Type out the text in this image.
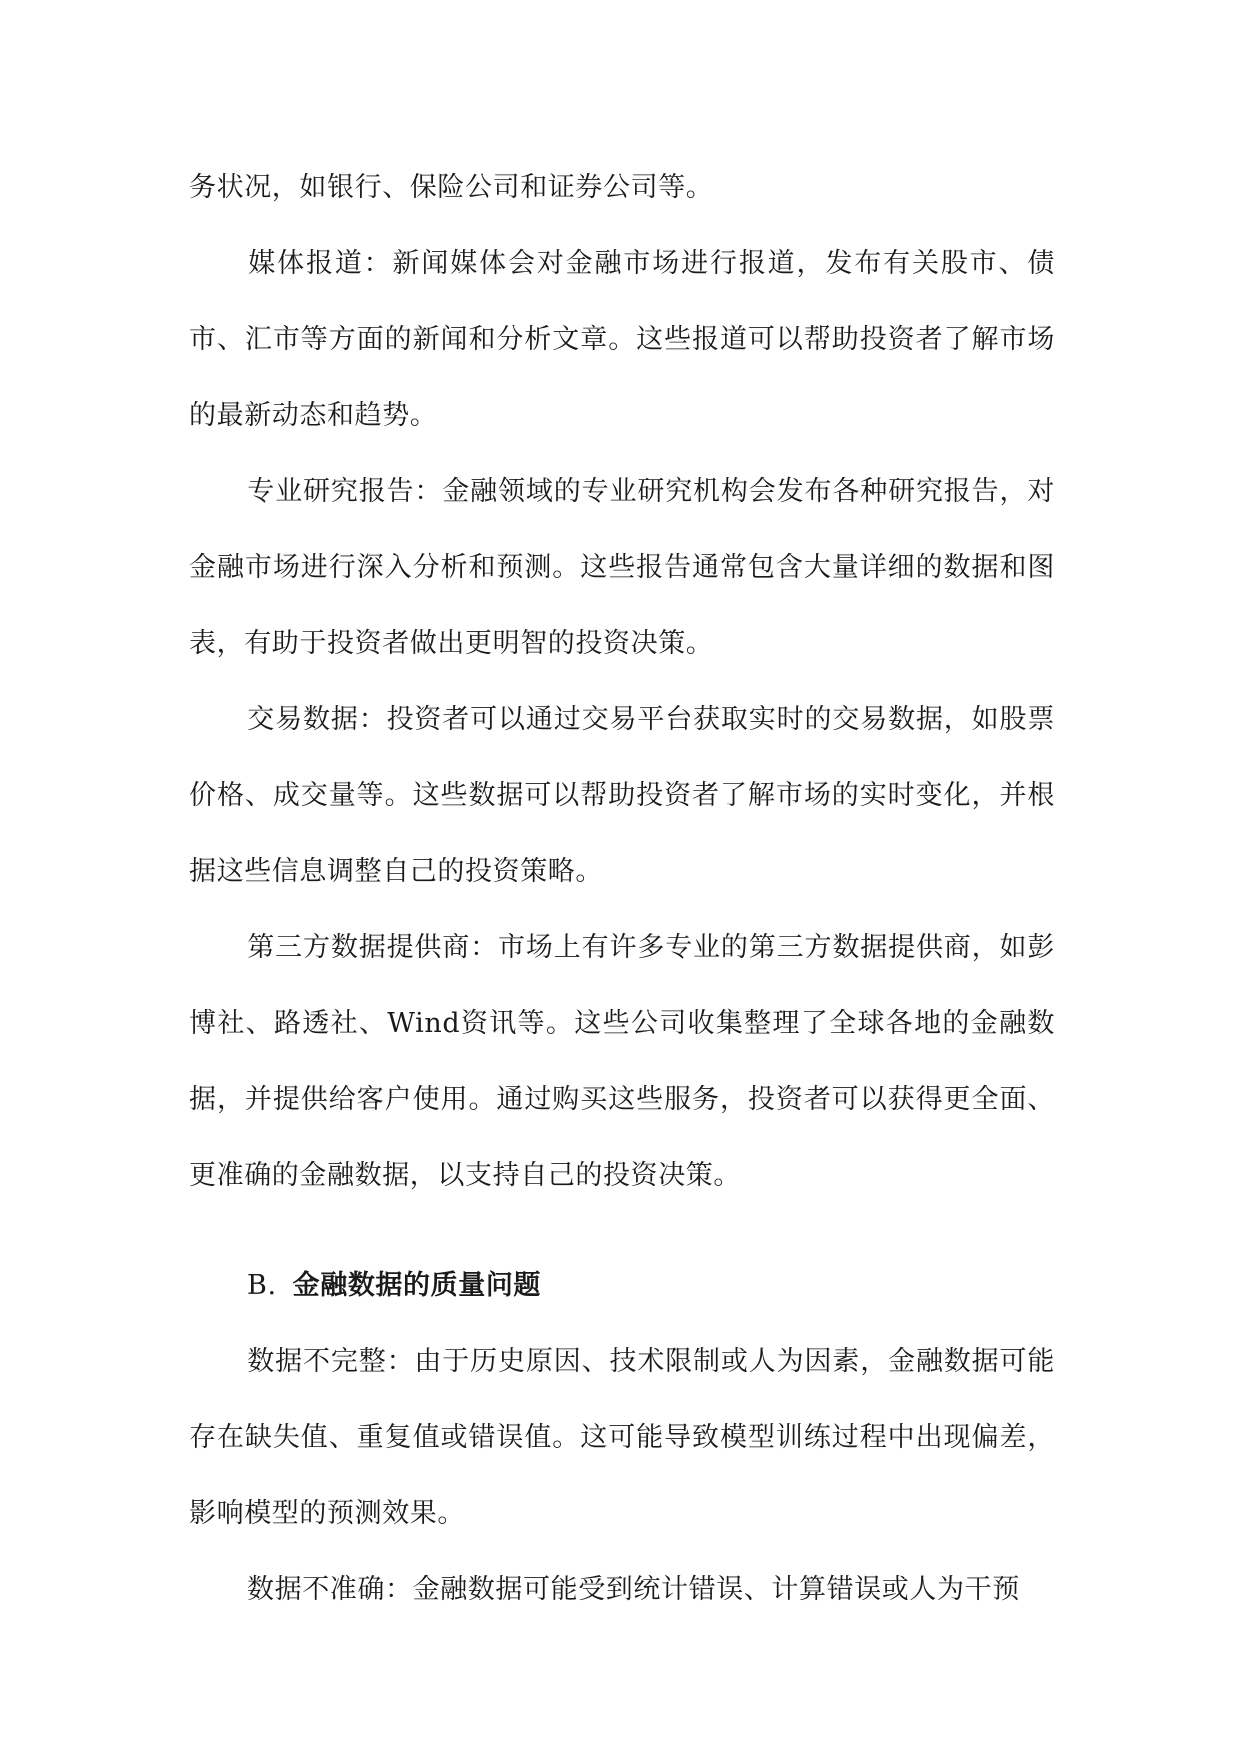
务状况，如银行、保险公司和证券公司等。

媒体报道：新闻媒体会对金融市场进行报道，发布有关股市、债市、汇市等方面的新闻和分析文章。这些报道可以帮助投资者了解市场的最新动态和趋势。

专业研究报告：金融领域的专业研究机构会发布各种研究报告，对金融市场进行深入分析和预测。这些报告通常包含大量详细的数据和图表，有助于投资者做出更明智的投资决策。

交易数据：投资者可以通过交易平台获取实时的交易数据，如股票价格、成交量等。这些数据可以帮助投资者了解市场的实时变化，并根据这些信息调整自己的投资策略。

第三方数据提供商：市场上有许多专业的第三方数据提供商，如彭博社、路透社、Wind资讯等。这些公司收集整理了全球各地的金融数据，并提供给客户使用。通过购买这些服务，投资者可以获得更全面、更准确的金融数据，以支持自己的投资决策。

B. 金融数据的质量问题

数据不完整：由于历史原因、技术限制或人为因素，金融数据可能存在缺失值、重复值或错误值。这可能导致模型训练过程中出现偏差，影响模型的预测效果。

数据不准确：金融数据可能受到统计错误、计算错误或人为干预
